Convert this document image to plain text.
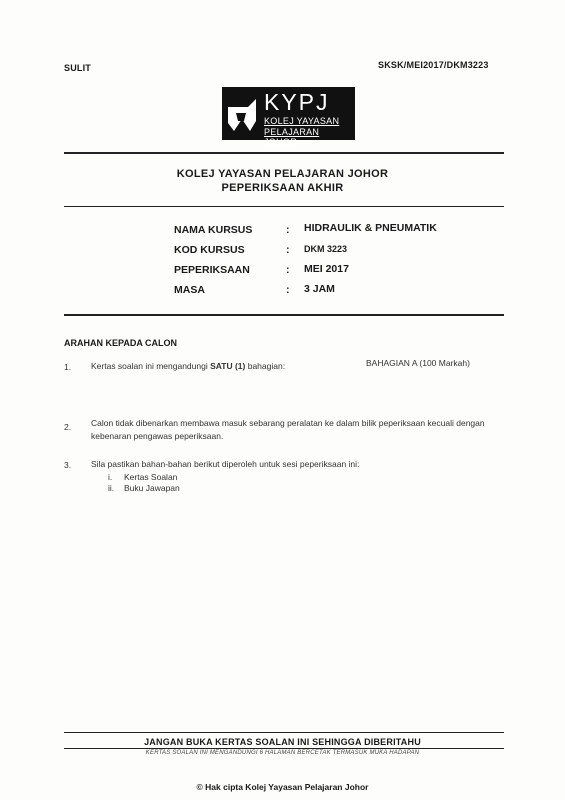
SULIT	SKSK/MEI2017/DKM3223
KYPJ
KOLEJ YAYASAN
PELAJARAN JOHOR
KOLEJ YAYASAN PELAJARAN JOHOR
PEPERIKSAAN AKHIR
NAMA KURSUS	: HIDRAULIK & PNEUMATIK
KOD KURSUS	: DKM 3223
PEPERIKSAAN	: MEI 2017
MASA	: 3 JAM
ARAHAN KEPADA CALON
1. Kertas soalan ini mengandungi SATU (1) bahagian:	BAHAGIAN A (100 Markah)
2. Calon tidak dibenarkan membawa masuk sebarang peralatan ke dalam bilik peperiksaan kecuali dengan
kebenaran pengawas peperiksaan.
3. Sila pastikan bahan-bahan berikut diperoleh untuk sesi peperiksaan ini:
i. Kertas Soalan
ii. Buku Jawapan
JANGAN BUKA KERTAS SOALAN INI SEHINGGA DIBERITAHU
KERTAS SOALAN INI MENGANDUNGI 6 HALAMAN BERCETAK TERMASUK MUKA HADAPAN
© Hak cipta Kolej Yayasan Pelajaran Johor
